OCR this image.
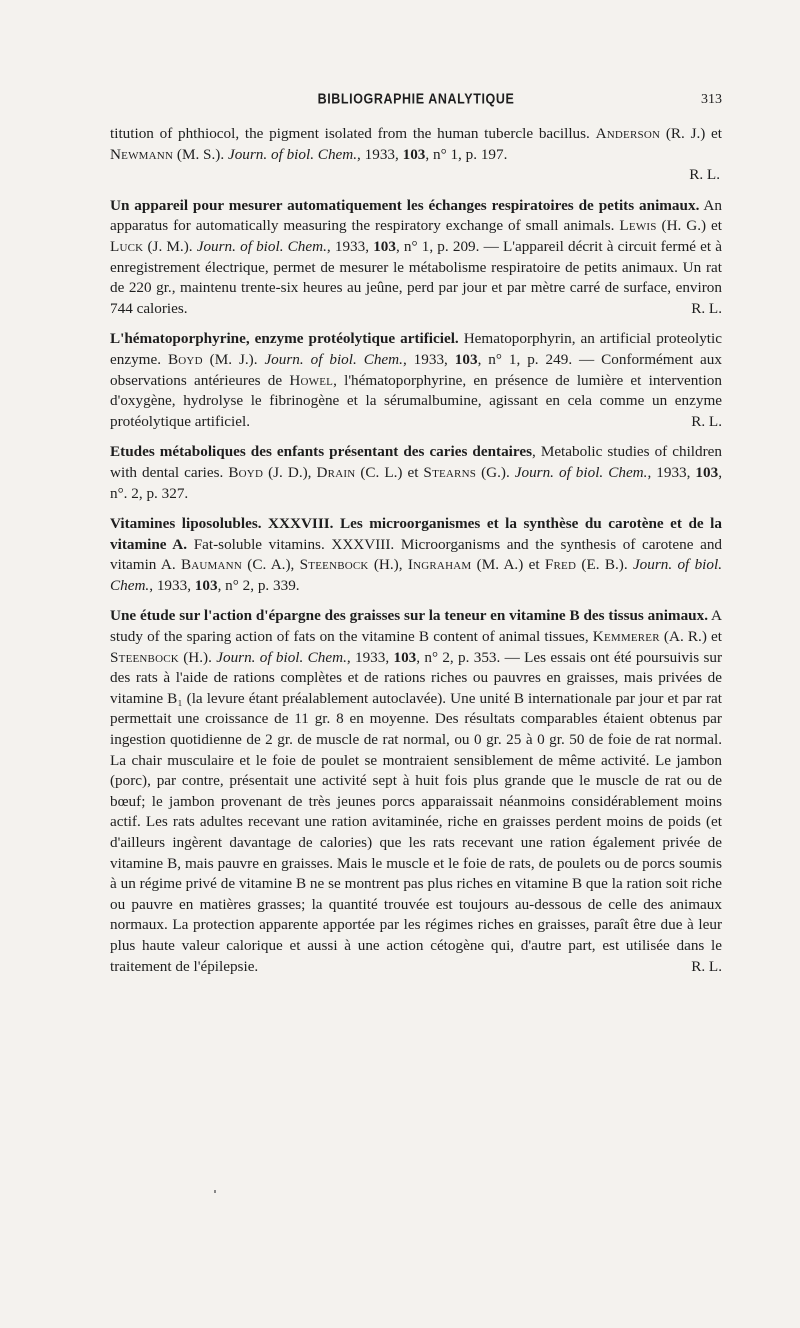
BIBLIOGRAPHIE ANALYTIQUE	313

titution of phthiocol, the pigment isolated from the human tubercle bacillus. Anderson (R. J.) et Newmann (M. S.). Journ. of biol. Chem., 1933, 103, n° 1, p. 197.
R. L.

Un appareil pour mesurer automatiquement les échanges respiratoires de petits animaux. An apparatus for automatically measuring the respiratory exchange of small animals. Lewis (H. G.) et Luck (J. M.). Journ. of biol. Chem., 1933, 103, n° 1, p. 209. — L'appareil décrit à circuit fermé et à enregistrement électrique, permet de mesurer le métabolisme respiratoire de petits animaux. Un rat de 220 gr., maintenu trente-six heures au jeûne, perd par jour et par mètre carré de surface, environ 744 calories.	R. L.

L'hématoporphyrine, enzyme protéolytique artificiel. Hematoporphyrin, an artificial proteolytic enzyme. Boyd (M. J.). Journ. of biol. Chem., 1933, 103, n° 1, p. 249. — Conformément aux observations antérieures de Howel, l'hématoporphyrine, en présence de lumière et intervention d'oxygène, hydrolyse le fibrinogène et la sérumalbumine, agissant en cela comme un enzyme protéolytique artificiel.	R. L.

Etudes métaboliques des enfants présentant des caries dentaires, Metabolic studies of children with dental caries. Boyd (J. D.), Drain (C. L.) et Stearns (G.). Journ. of biol. Chem., 1933, 103, n°. 2, p. 327.

Vitamines liposolubles. XXXVIII. Les microorganismes et la synthèse du carotène et de la vitamine A. Fat-soluble vitamins. XXXVIII. Microorganisms and the synthesis of carotene and vitamin A. Baumann (C. A.), Steenbock (H.), Ingraham (M. A.) et Fred (E. B.). Journ. of biol. Chem., 1933, 103, n° 2, p. 339.

Une étude sur l'action d'épargne des graisses sur la teneur en vitamine B des tissus animaux. A study of the sparing action of fats on the vitamine B content of animal tissues, Kemmerer (A. R.) et Steenbock (H.). Journ. of biol. Chem., 1933, 103, n° 2, p. 353. — Les essais ont été poursuivis sur des rats à l'aide de rations complètes et de rations riches ou pauvres en graisses, mais privées de vitamine B₁ (la levure étant préalablement autoclavée). Une unité B internationale par jour et par rat permettait une croissance de 11 gr. 8 en moyenne. Des résultats comparables étaient obtenus par ingestion quotidienne de 2 gr. de muscle de rat normal, ou 0 gr. 25 à 0 gr. 50 de foie de rat normal. La chair musculaire et le foie de poulet se montraient sensiblement de même activité. Le jambon (porc), par contre, présentait une activité sept à huit fois plus grande que le muscle de rat ou de bœuf; le jambon provenant de très jeunes porcs apparaissait néanmoins considérablement moins actif. Les rats adultes recevant une ration avitaminée, riche en graisses perdent moins de poids (et d'ailleurs ingèrent davantage de calories) que les rats recevant une ration également privée de vitamine B, mais pauvre en graisses. Mais le muscle et le foie de rats, de poulets ou de porcs soumis à un régime privé de vitamine B ne se montrent pas plus riches en vitamine B que la ration soit riche ou pauvre en matières grasses; la quantité trouvée est toujours au-dessous de celle des animaux normaux. La protection apparente apportée par les régimes riches en graisses, paraît être due à leur plus haute valeur calorique et aussi à une action cétogène qui, d'autre part, est utilisée dans le traitement de l'épilepsie.	R. L.
